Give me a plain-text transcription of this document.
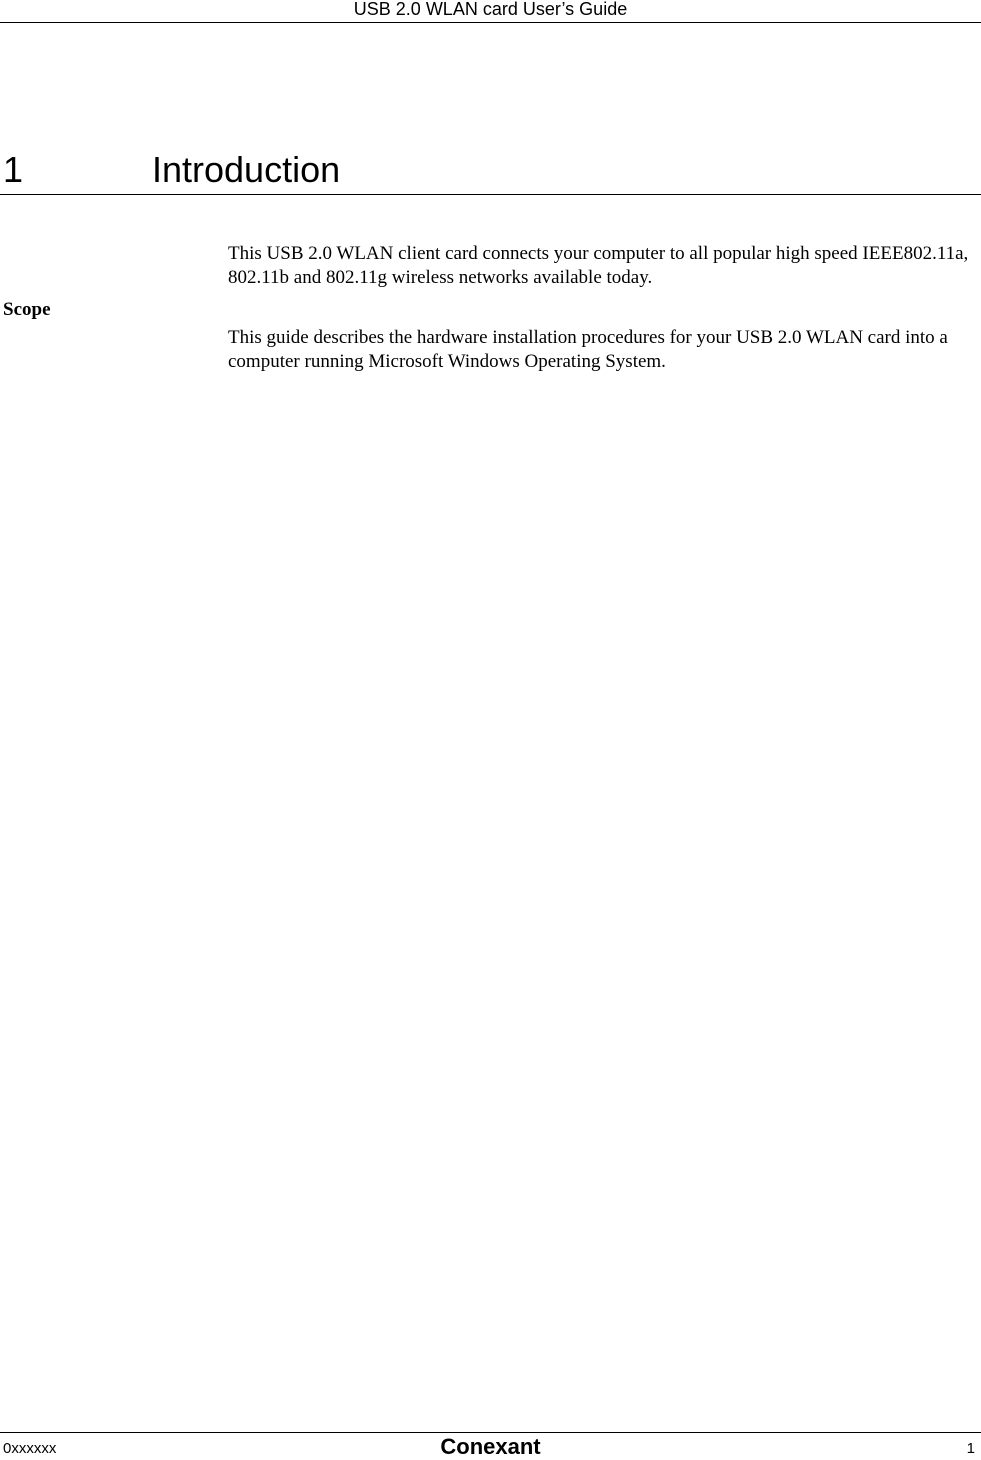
USB 2.0 WLAN card User’s Guide
1	Introduction
This USB 2.0 WLAN client card connects your computer to all popular high speed IEEE802.11a, 802.11b and 802.11g wireless networks available today.
Scope
This guide describes the hardware installation procedures for your USB 2.0 WLAN card into a computer running Microsoft Windows Operating System.
0xxxxxx	Conexant	1
